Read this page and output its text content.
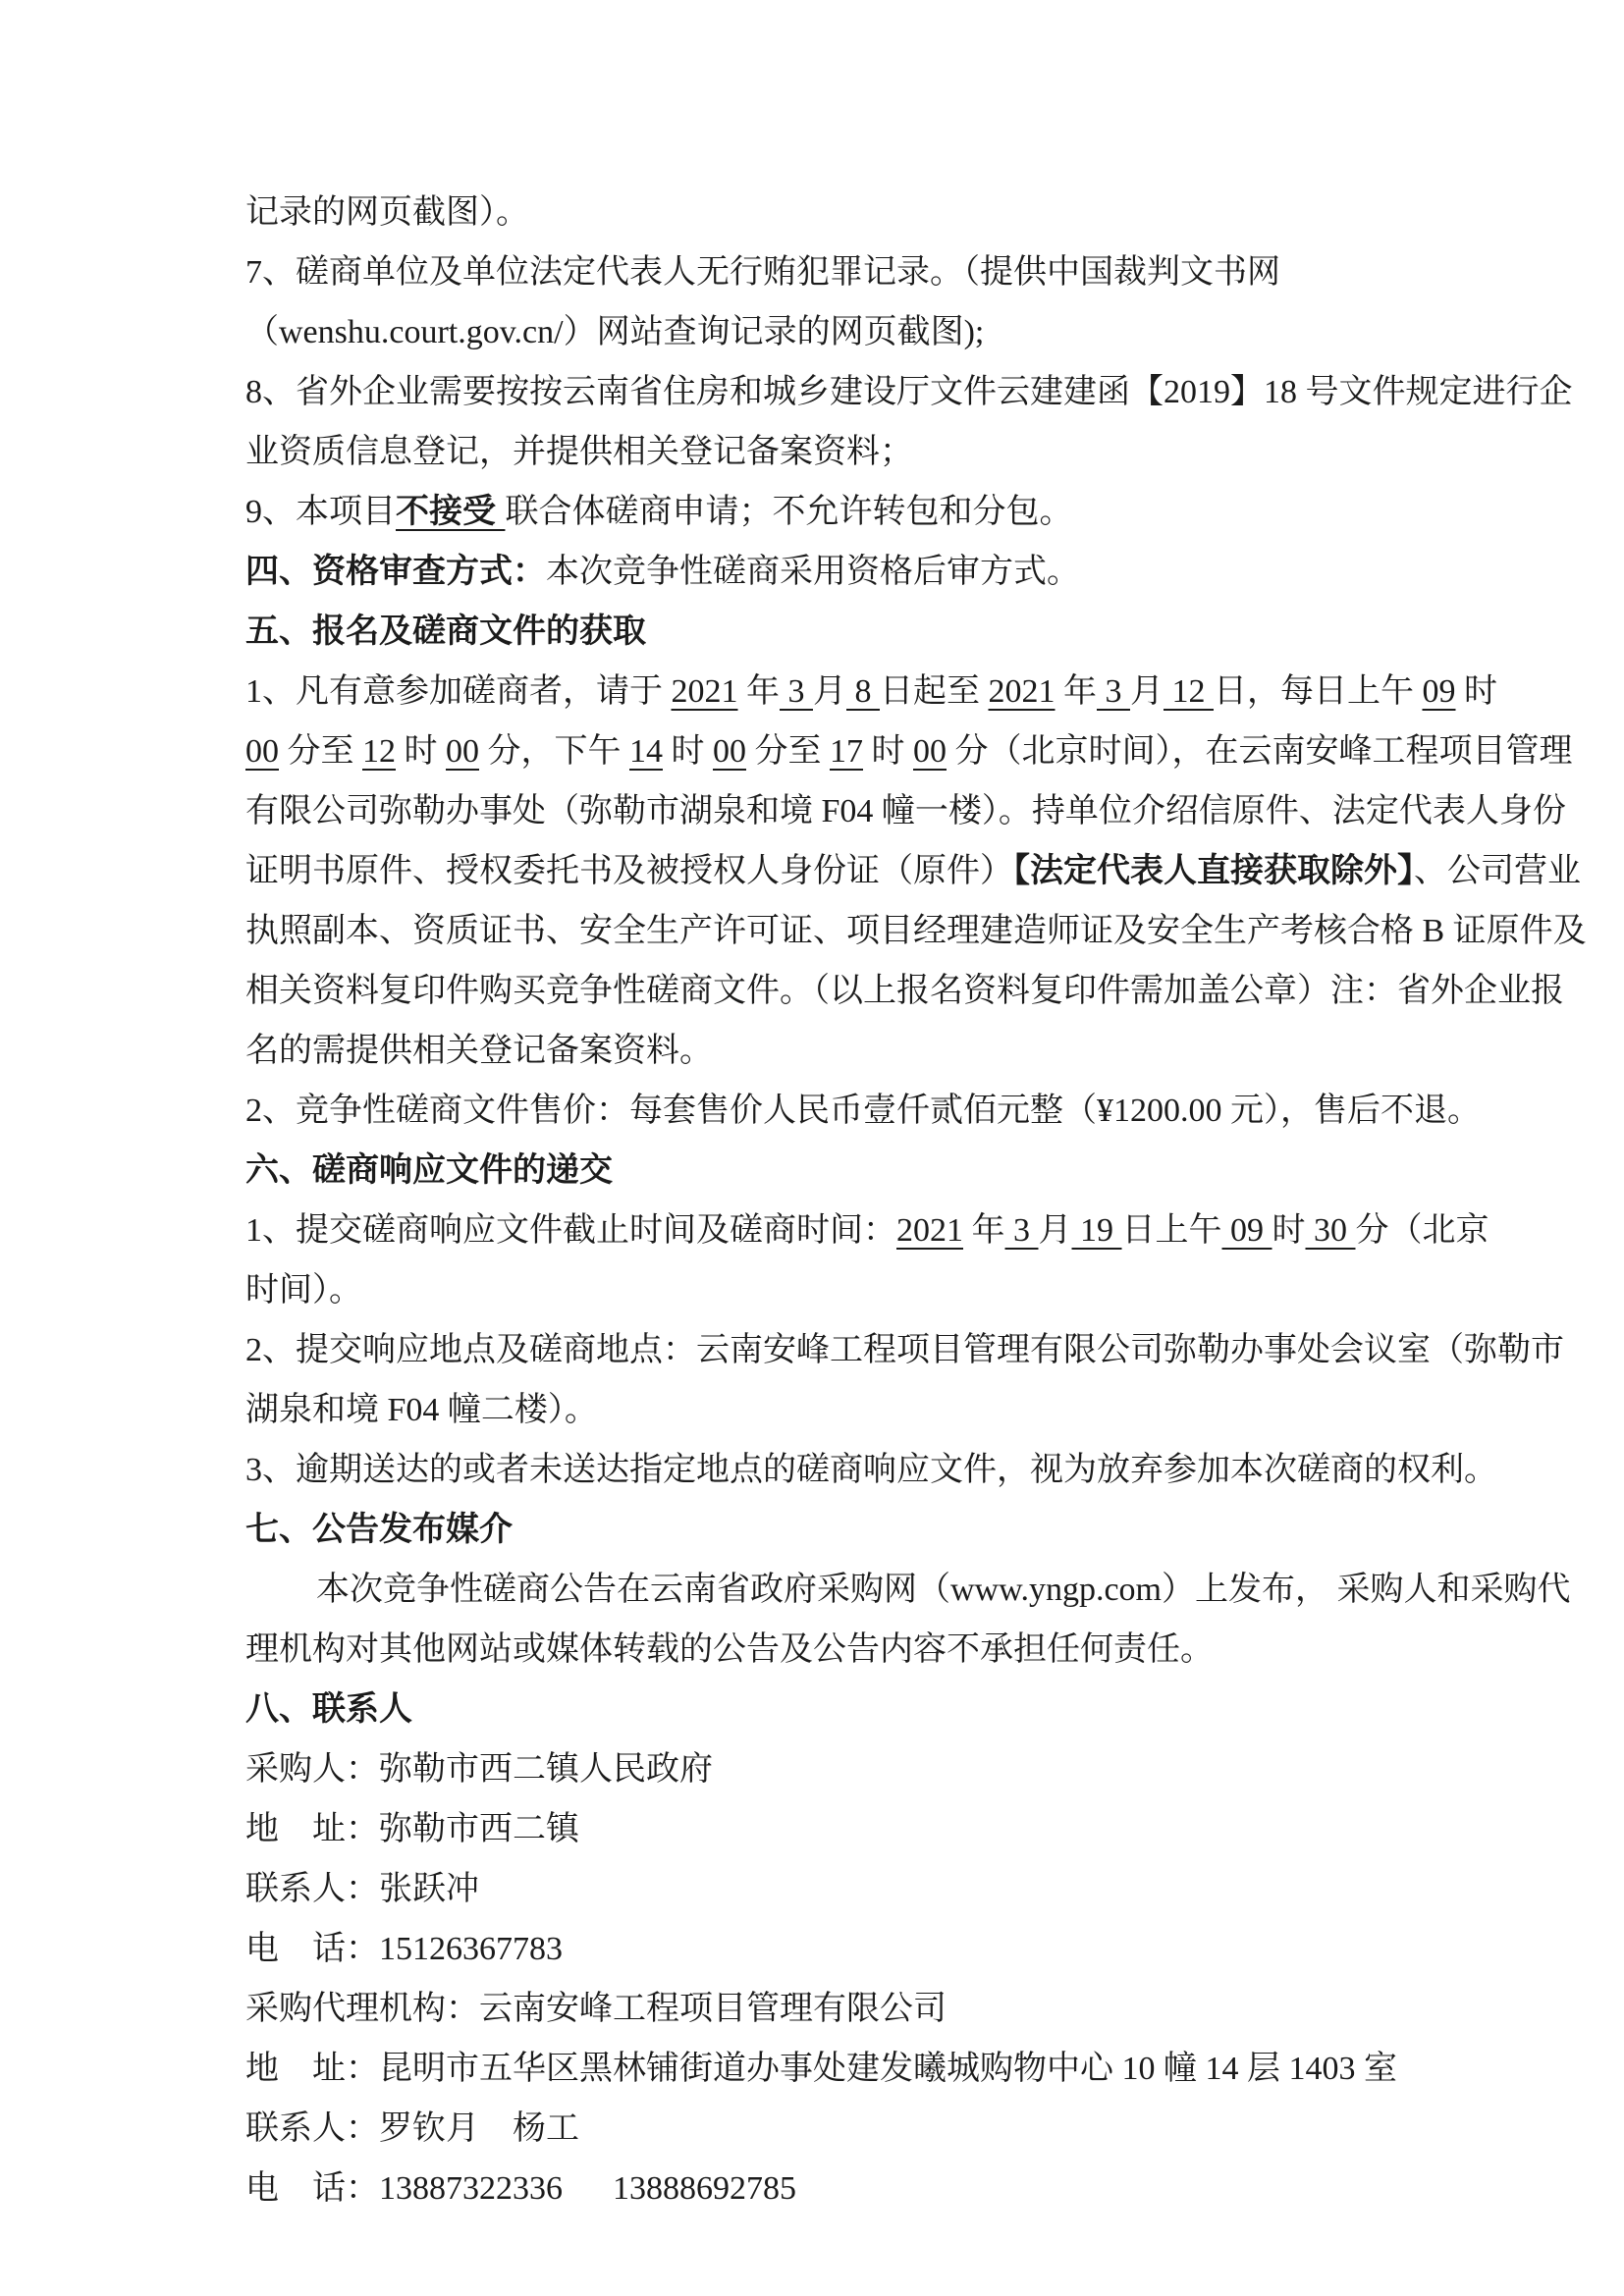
记录的网页截图）。

7、磋商单位及单位法定代表人无行贿犯罪记录。（提供中国裁判文书网

（wenshu.court.gov.cn/）网站查询记录的网页截图);

8、省外企业需要按按云南省住房和城乡建设厅文件云建建函【2019】18 号文件规定进行企

业资质信息登记，并提供相关登记备案资料；

9、本项目不接受 联合体磋商申请；不允许转包和分包。

四、资格审查方式：本次竞争性磋商采用资格后审方式。

五、报名及磋商文件的获取

1、凡有意参加磋商者，请于 2021 年 3 月 8 日起至 2021 年 3 月 12 日，每日上午 09 时

00 分至 12 时 00 分，下午 14 时 00 分至 17 时 00 分（北京时间），在云南安峰工程项目管理

有限公司弥勒办事处（弥勒市湖泉和境 F04 幢一楼）。持单位介绍信原件、法定代表人身份

证明书原件、授权委托书及被授权人身份证（原件）【法定代表人直接获取除外】、公司营业

执照副本、资质证书、安全生产许可证、项目经理建造师证及安全生产考核合格 B 证原件及

相关资料复印件购买竞争性磋商文件。（以上报名资料复印件需加盖公章）注：省外企业报

名的需提供相关登记备案资料。

2、竞争性磋商文件售价：每套售价人民币壹仟贰佰元整（¥1200.00 元），售后不退。

六、磋商响应文件的递交

1、提交磋商响应文件截止时间及磋商时间：2021 年 3 月 19 日上午 09 时 30 分（北京

时间）。

2、提交响应地点及磋商地点：云南安峰工程项目管理有限公司弥勒办事处会议室（弥勒市

湖泉和境 F04 幢二楼）。

3、逾期送达的或者未送达指定地点的磋商响应文件，视为放弃参加本次磋商的权利。

七、公告发布媒介

本次竞争性磋商公告在云南省政府采购网（www.yngp.com）上发布， 采购人和采购代

理机构对其他网站或媒体转载的公告及公告内容不承担任何责任。

八、联系人

采购人：弥勒市西二镇人民政府

地　址：弥勒市西二镇

联系人：张跃冲

电　话：15126367783

采购代理机构：云南安峰工程项目管理有限公司

地　址：昆明市五华区黑林铺街道办事处建发曦城购物中心 10 幢 14 层 1403 室

联系人：罗钦月　杨工

电　话：13887322336　  13888692785
